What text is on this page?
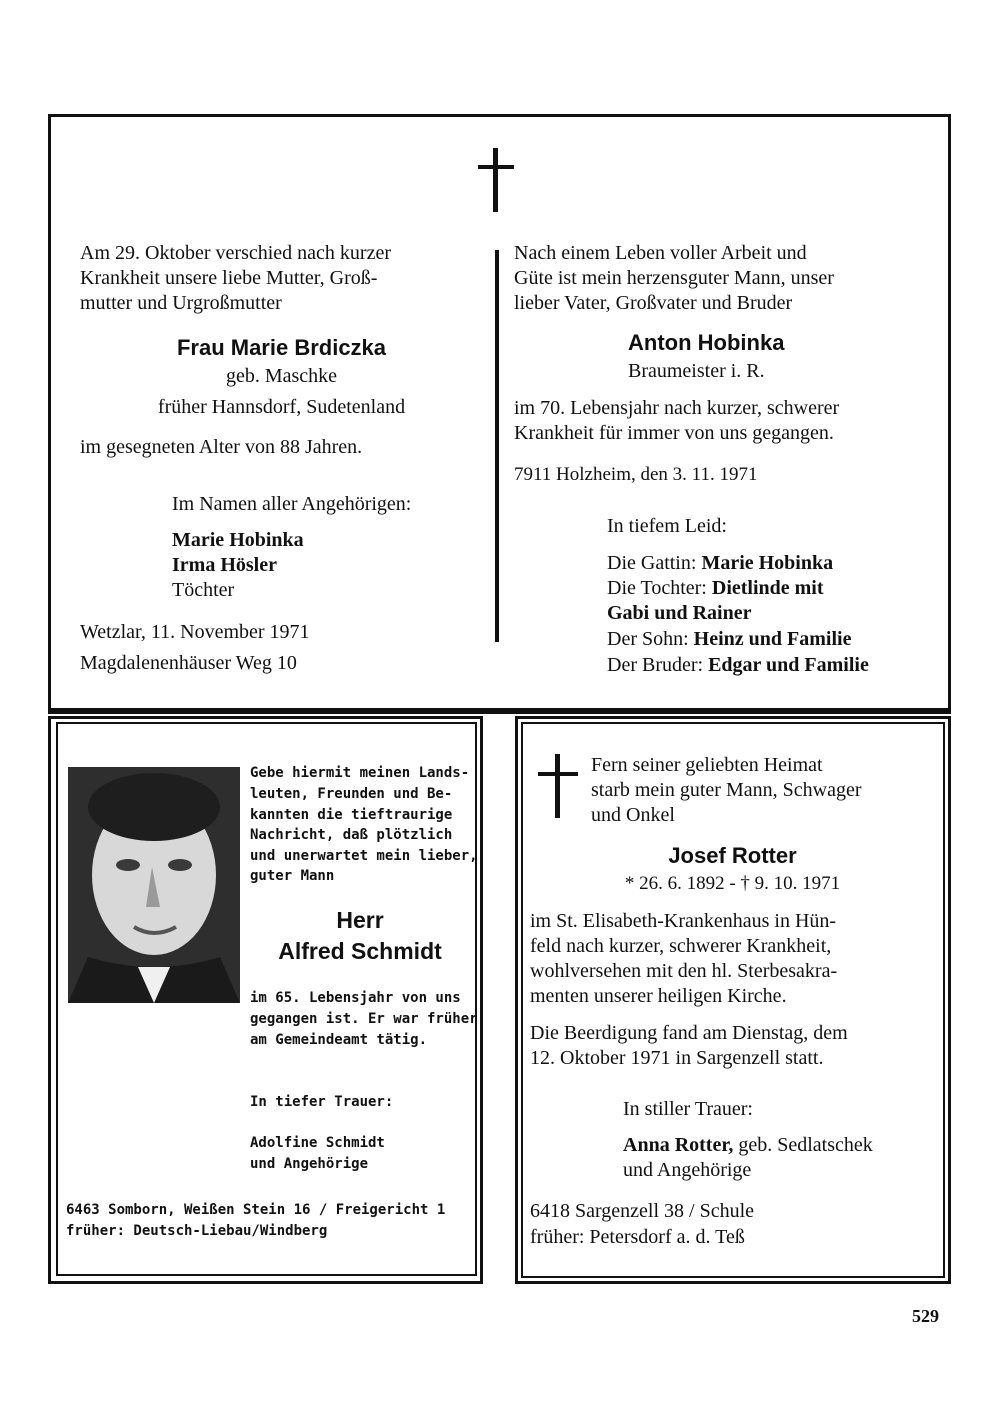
Am 29. Oktober verschied nach kurzer
Krankheit unsere liebe Mutter, Groß-
mutter und Urgroßmutter
Frau Marie Brdiczka
geb. Maschke
früher Hannsdorf, Sudetenland
im gesegneten Alter von 88 Jahren.
Im Namen aller Angehörigen:
Marie Hobinka
Irma Hösler
Töchter
Wetzlar, 11. November 1971
Magdalenenhäuser Weg 10
Nach einem Leben voller Arbeit und
Güte ist mein herzensguter Mann, unser
lieber Vater, Großvater und Bruder
Anton Hobinka
Braumeister i. R.
im 70. Lebensjahr nach kurzer, schwerer
Krankheit für immer von uns gegangen.
7911 Holzheim, den 3. 11. 1971
In tiefem Leid:
Die Gattin: Marie Hobinka
Die Tochter: Dietlinde mit
Gabi und Rainer
Der Sohn: Heinz und Familie
Der Bruder: Edgar und Familie
Gebe hiermit meinen Lands-
leuten, Freunden und Be-
kannten die tieftraurige
Nachricht, daß plötzlich
und unerwartet mein lieber,
guter Mann
Herr
Alfred Schmidt
im 65. Lebensjahr von uns
gegangen ist. Er war früher
am Gemeindeamt tätig.
In tiefer Trauer:
Adolfine Schmidt
und Angehörige
6463 Somborn, Weißen Stein 16 / Freigericht 1
früher: Deutsch-Liebau/Windberg
Fern seiner geliebten Heimat
starb mein guter Mann, Schwager
und Onkel
Josef Rotter
* 26. 6. 1892 - † 9. 10. 1971
im St. Elisabeth-Krankenhaus in Hün-
feld nach kurzer, schwerer Krankheit,
wohlversehen mit den hl. Sterbesakra-
menten unserer heiligen Kirche.
Die Beerdigung fand am Dienstag, dem
12. Oktober 1971 in Sargenzell statt.
In stiller Trauer:
Anna Rotter, geb. Sedlatschek
und Angehörige
6418 Sargenzell 38 / Schule
früher: Petersdorf a. d. Teß
529
